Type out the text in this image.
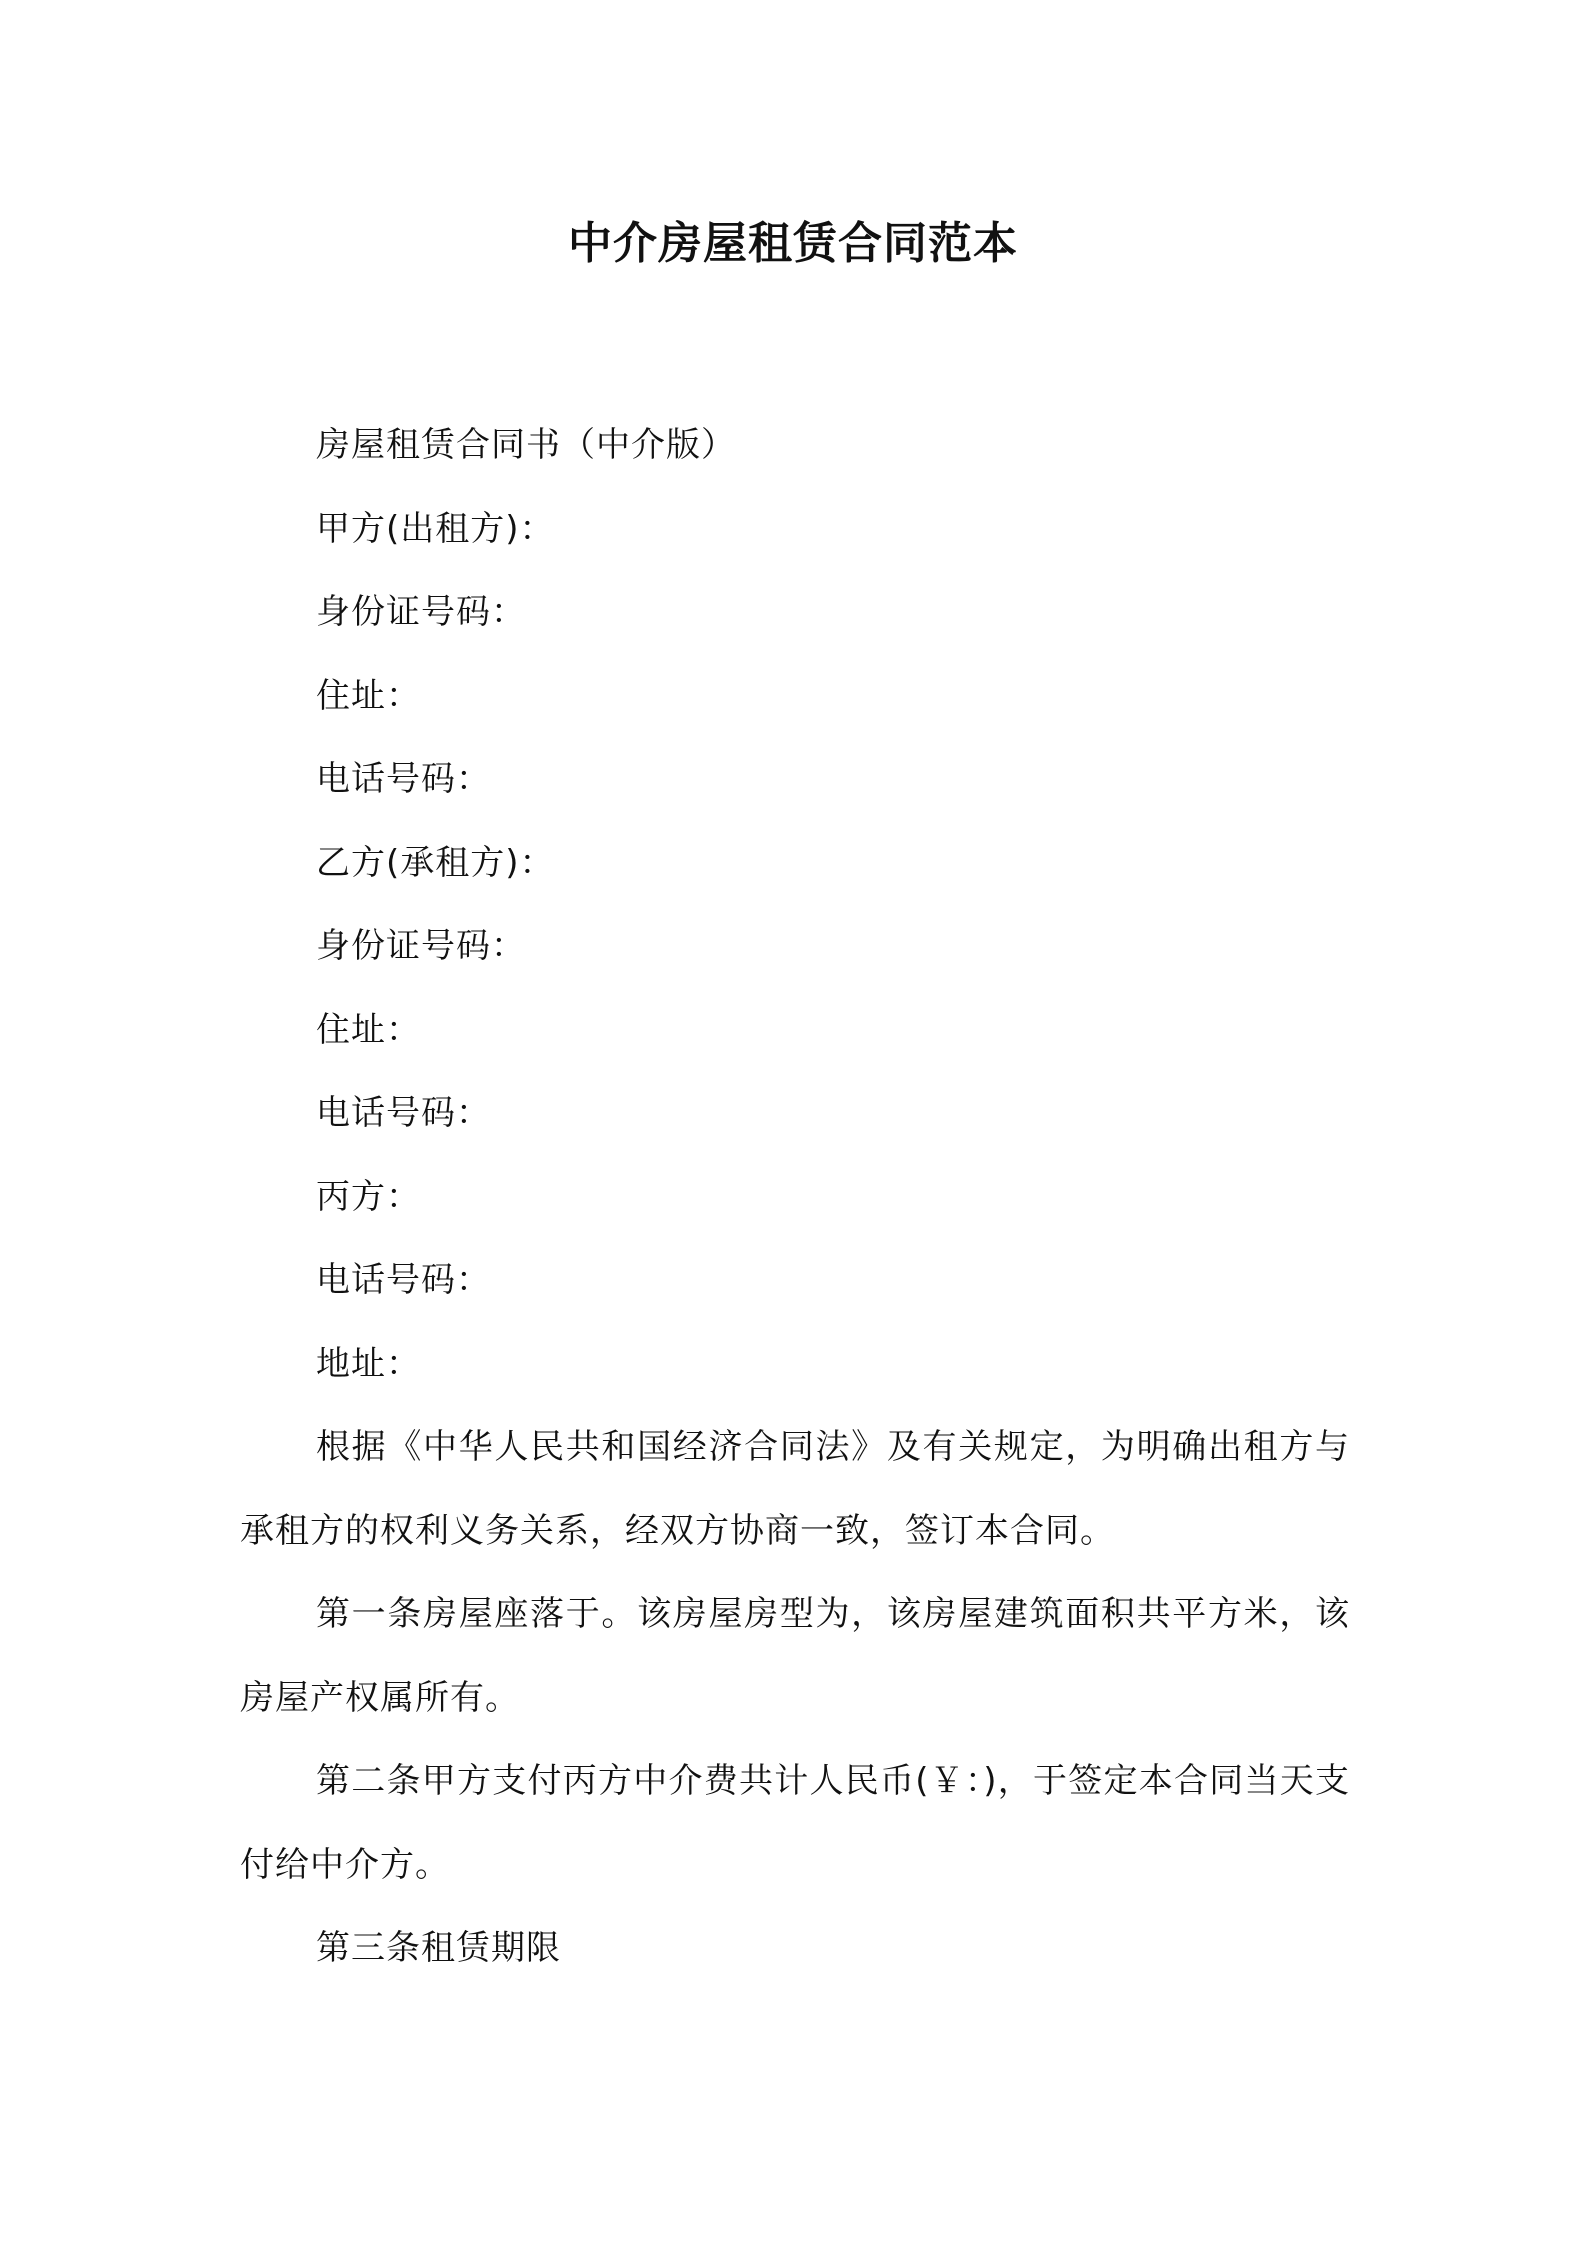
中介房屋租赁合同范本

房屋租赁合同书（中介版）

甲方(出租方)：

身份证号码：

住址：

电话号码：

乙方(承租方)：

身份证号码：

住址：

电话号码：

丙方：

电话号码：

地址：

根据《中华人民共和国经济合同法》及有关规定，为明确出租方与承租方的权利义务关系，经双方协商一致，签订本合同。

第一条房屋座落于。该房屋房型为，该房屋建筑面积共平方米，该房屋产权属所有。

第二条甲方支付丙方中介费共计人民币(￥：)，于签定本合同当天支付给中介方。

第三条租赁期限
